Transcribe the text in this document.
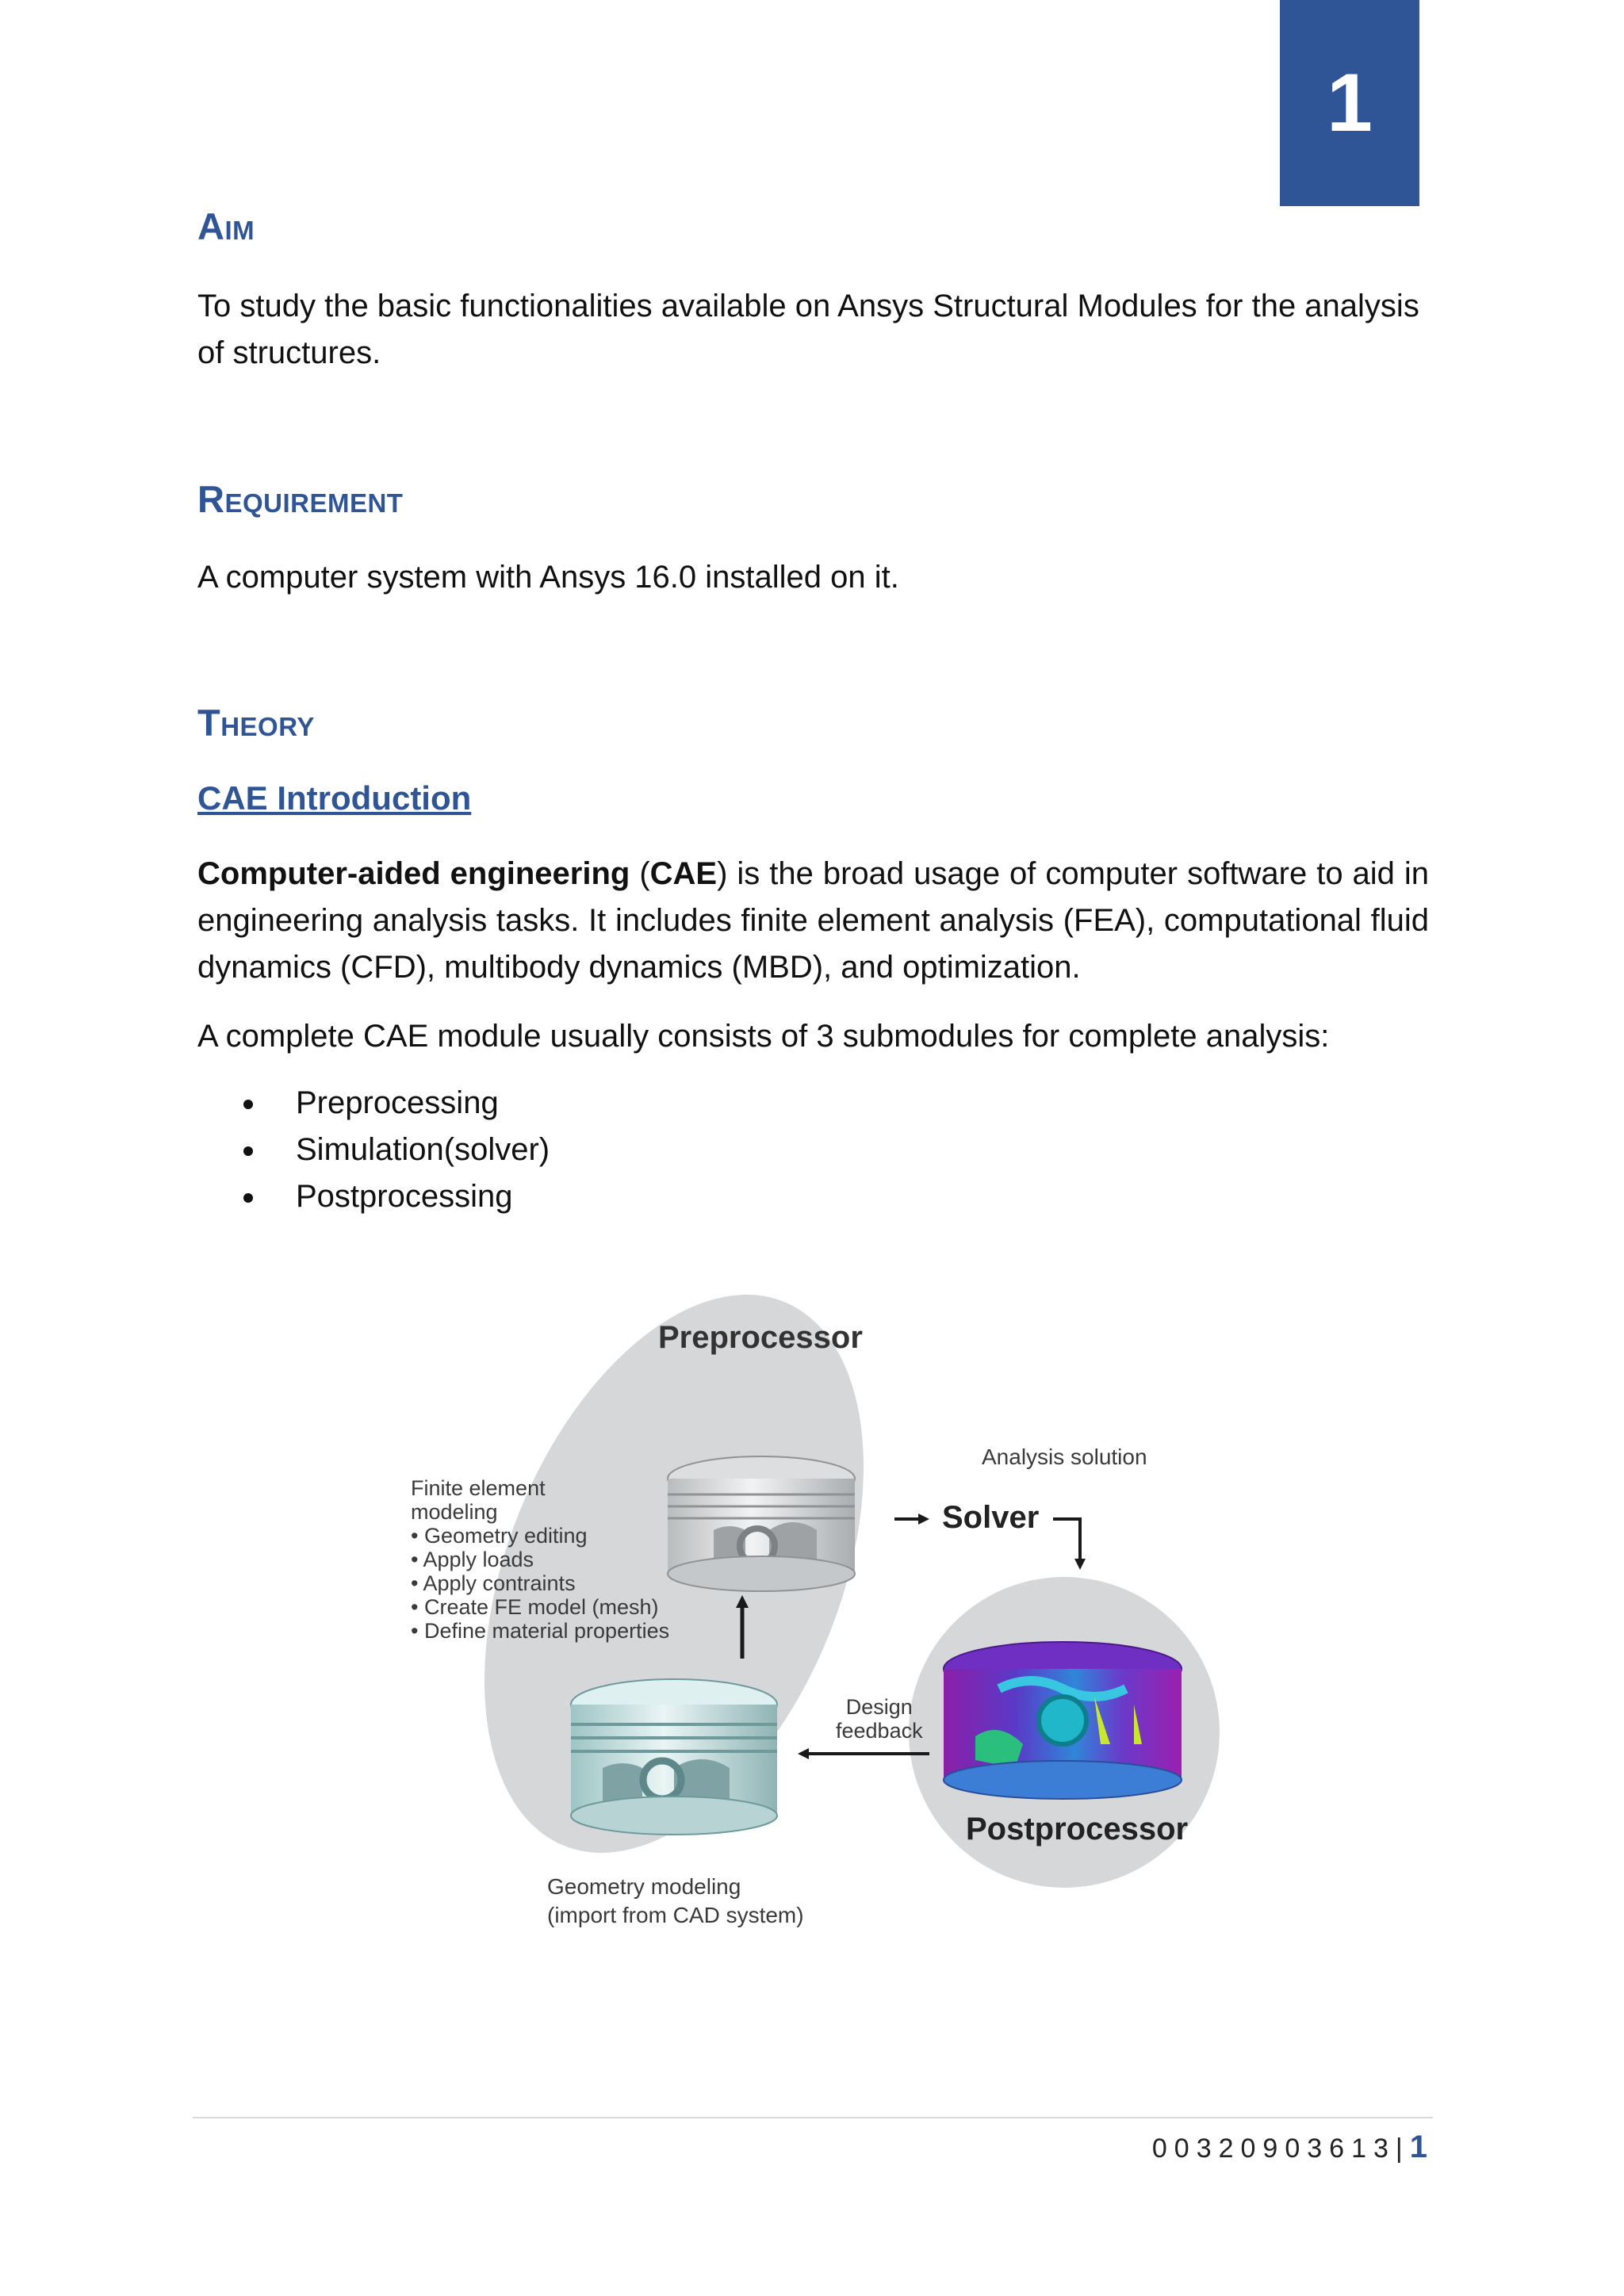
1
Aim

To study the basic functionalities available on Ansys Structural Modules for the analysis of structures.

Requirement

A computer system with Ansys 16.0 installed on it.

Theory
CAE Introduction

Computer-aided engineering (CAE) is the broad usage of computer software to aid in engineering analysis tasks. It includes finite element analysis (FEA), computational fluid dynamics (CFD), multibody dynamics (MBD), and optimization.

A complete CAE module usually consists of 3 submodules for complete analysis:

Preprocessing
Simulation(solver)
Postprocessing
Preprocessor
Analysis solution
Solver
Postprocessor
Design
feedback
Finite element
modeling
• Geometry editing
• Apply loads
• Apply contraints
• Create FE model (mesh)
• Define material properties
Geometry modeling
(import from CAD system)
00320903613|1
